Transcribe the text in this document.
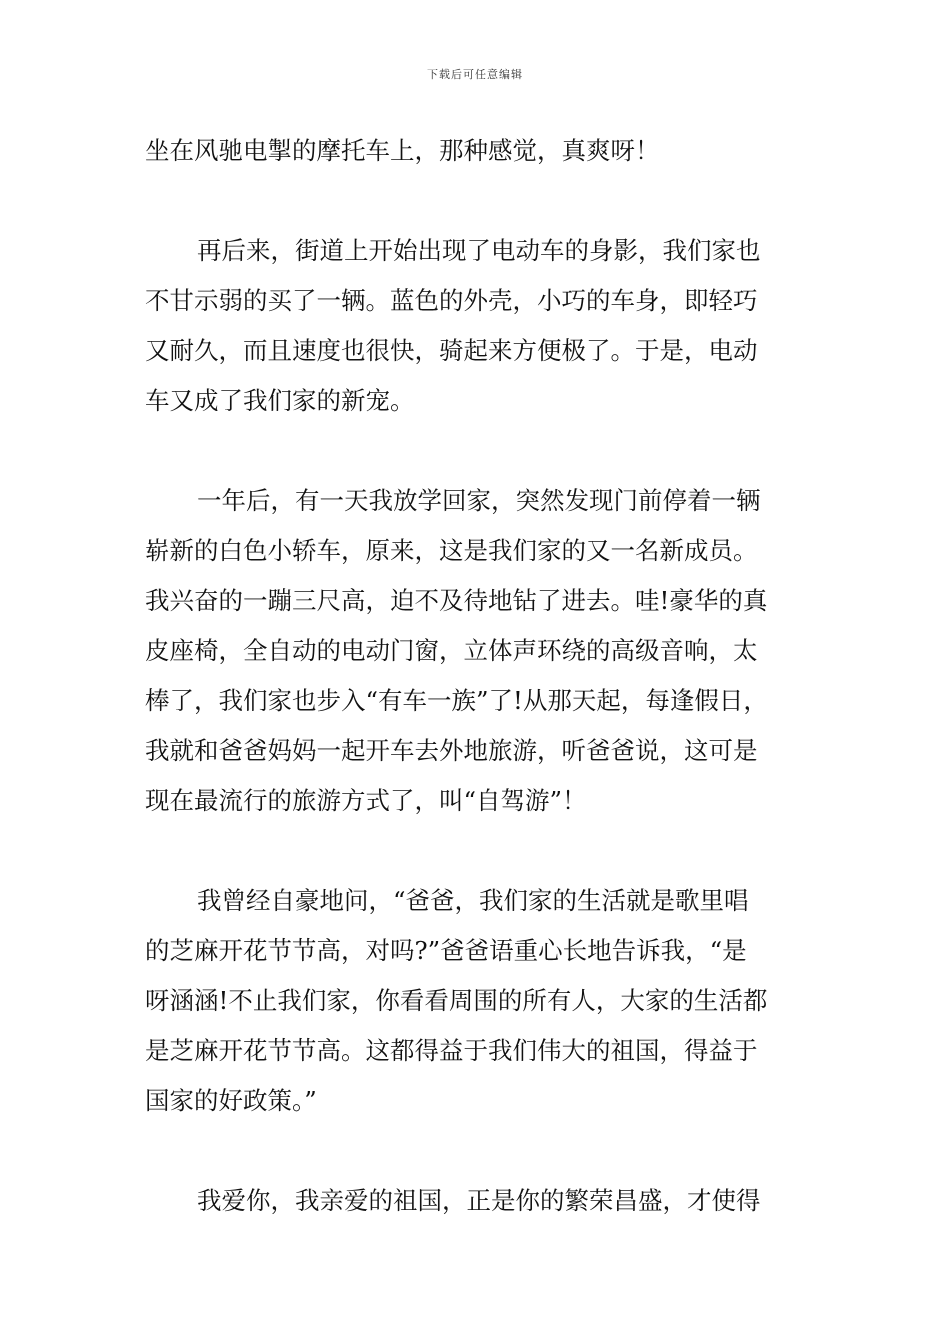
下载后可任意编辑

坐在风驰电掣的摩托车上，那种感觉，真爽呀！

再后来，街道上开始出现了电动车的身影，我们家也
不甘示弱的买了一辆。蓝色的外壳，小巧的车身，即轻巧
又耐久，而且速度也很快，骑起来方便极了。于是，电动
车又成了我们家的新宠。

一年后，有一天我放学回家，突然发现门前停着一辆
崭新的白色小轿车，原来，这是我们家的又一名新成员。
我兴奋的一蹦三尺高，迫不及待地钻了进去。哇!豪华的真
皮座椅，全自动的电动门窗，立体声环绕的高级音响，太
棒了，我们家也步入“有车一族”了!从那天起，每逢假日，
我就和爸爸妈妈一起开车去外地旅游，听爸爸说，这可是
现在最流行的旅游方式了，叫“自驾游”！

我曾经自豪地问，“爸爸，我们家的生活就是歌里唱
的芝麻开花节节高，对吗?”爸爸语重心长地告诉我，“是
呀涵涵!不止我们家，你看看周围的所有人，大家的生活都
是芝麻开花节节高。这都得益于我们伟大的祖国，得益于
国家的好政策。”

我爱你，我亲爱的祖国，正是你的繁荣昌盛，才使得
